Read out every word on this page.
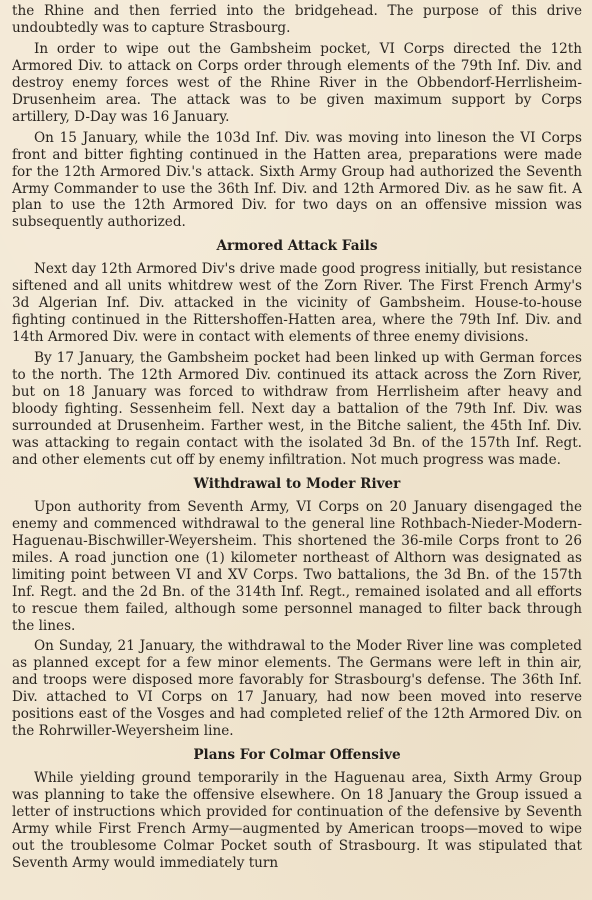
the Rhine and then ferried into the bridgehead. The purpose of this drive undoubtedly was to capture Strasbourg.

In order to wipe out the Gambsheim pocket, VI Corps directed the 12th Armored Div. to attack on Corps order through elements of the 79th Inf. Div. and destroy enemy forces west of the Rhine River in the Obbendorf-Herrlisheim-Drusenheim area. The attack was to be given maximum support by Corps artillery, D-Day was 16 January.

On 15 January, while the 103d Inf. Div. was moving into lineson the VI Corps front and bitter fighting continued in the Hatten area, preparations were made for the 12th Armored Div.'s attack. Sixth Army Group had authorized the Seventh Army Commander to use the 36th Inf. Div. and 12th Armored Div. as he saw fit. A plan to use the 12th Armored Div. for two days on an offensive mission was subsequently authorized.

Armored Attack Fails

Next day 12th Armored Div's drive made good progress initially, but resistance siftened and all units whitdrew west of the Zorn River. The First French Army's 3d Algerian Inf. Div. attacked in the vicinity of Gambsheim. House-to-house fighting continued in the Rittershoffen-Hatten area, where the 79th Inf. Div. and 14th Armored Div. were in contact with elements of three enemy divisions.

By 17 January, the Gambsheim pocket had been linked up with German forces to the north. The 12th Armored Div. continued its attack across the Zorn River, but on 18 January was forced to withdraw from Herrlisheim after heavy and bloody fighting. Sessenheim fell. Next day a battalion of the 79th Inf. Div. was surrounded at Drusenheim. Farther west, in the Bitche salient, the 45th Inf. Div. was attacking to regain contact with the isolated 3d Bn. of the 157th Inf. Regt. and other elements cut off by enemy infiltration. Not much progress was made.

Withdrawal to Moder River

Upon authority from Seventh Army, VI Corps on 20 January disengaged the enemy and commenced withdrawal to the general line Rothbach-Nieder-Modern-Haguenau-Bischwiller-Weyersheim. This shortened the 36-mile Corps front to 26 miles. A road junction one (1) kilometer northeast of Althorn was designated as limiting point between VI and XV Corps. Two battalions, the 3d Bn. of the 157th Inf. Regt. and the 2d Bn. of the 314th Inf. Regt., remained isolated and all efforts to rescue them failed, although some personnel managed to filter back through the lines.

On Sunday, 21 January, the withdrawal to the Moder River line was completed as planned except for a few minor elements. The Germans were left in thin air, and troops were disposed more favorably for Strasbourg's defense. The 36th Inf. Div. attached to VI Corps on 17 January, had now been moved into reserve positions east of the Vosges and had completed relief of the 12th Armored Div. on the Rohrwiller-Weyersheim line.

Plans For Colmar Offensive

While yielding ground temporarily in the Haguenau area, Sixth Army Group was planning to take the offensive elsewhere. On 18 January the Group issued a letter of instructions which provided for continuation of the defensive by Seventh Army while First French Army—augmented by American troops—moved to wipe out the troublesome Colmar Pocket south of Strasbourg. It was stipulated that Seventh Army would immediately turn
